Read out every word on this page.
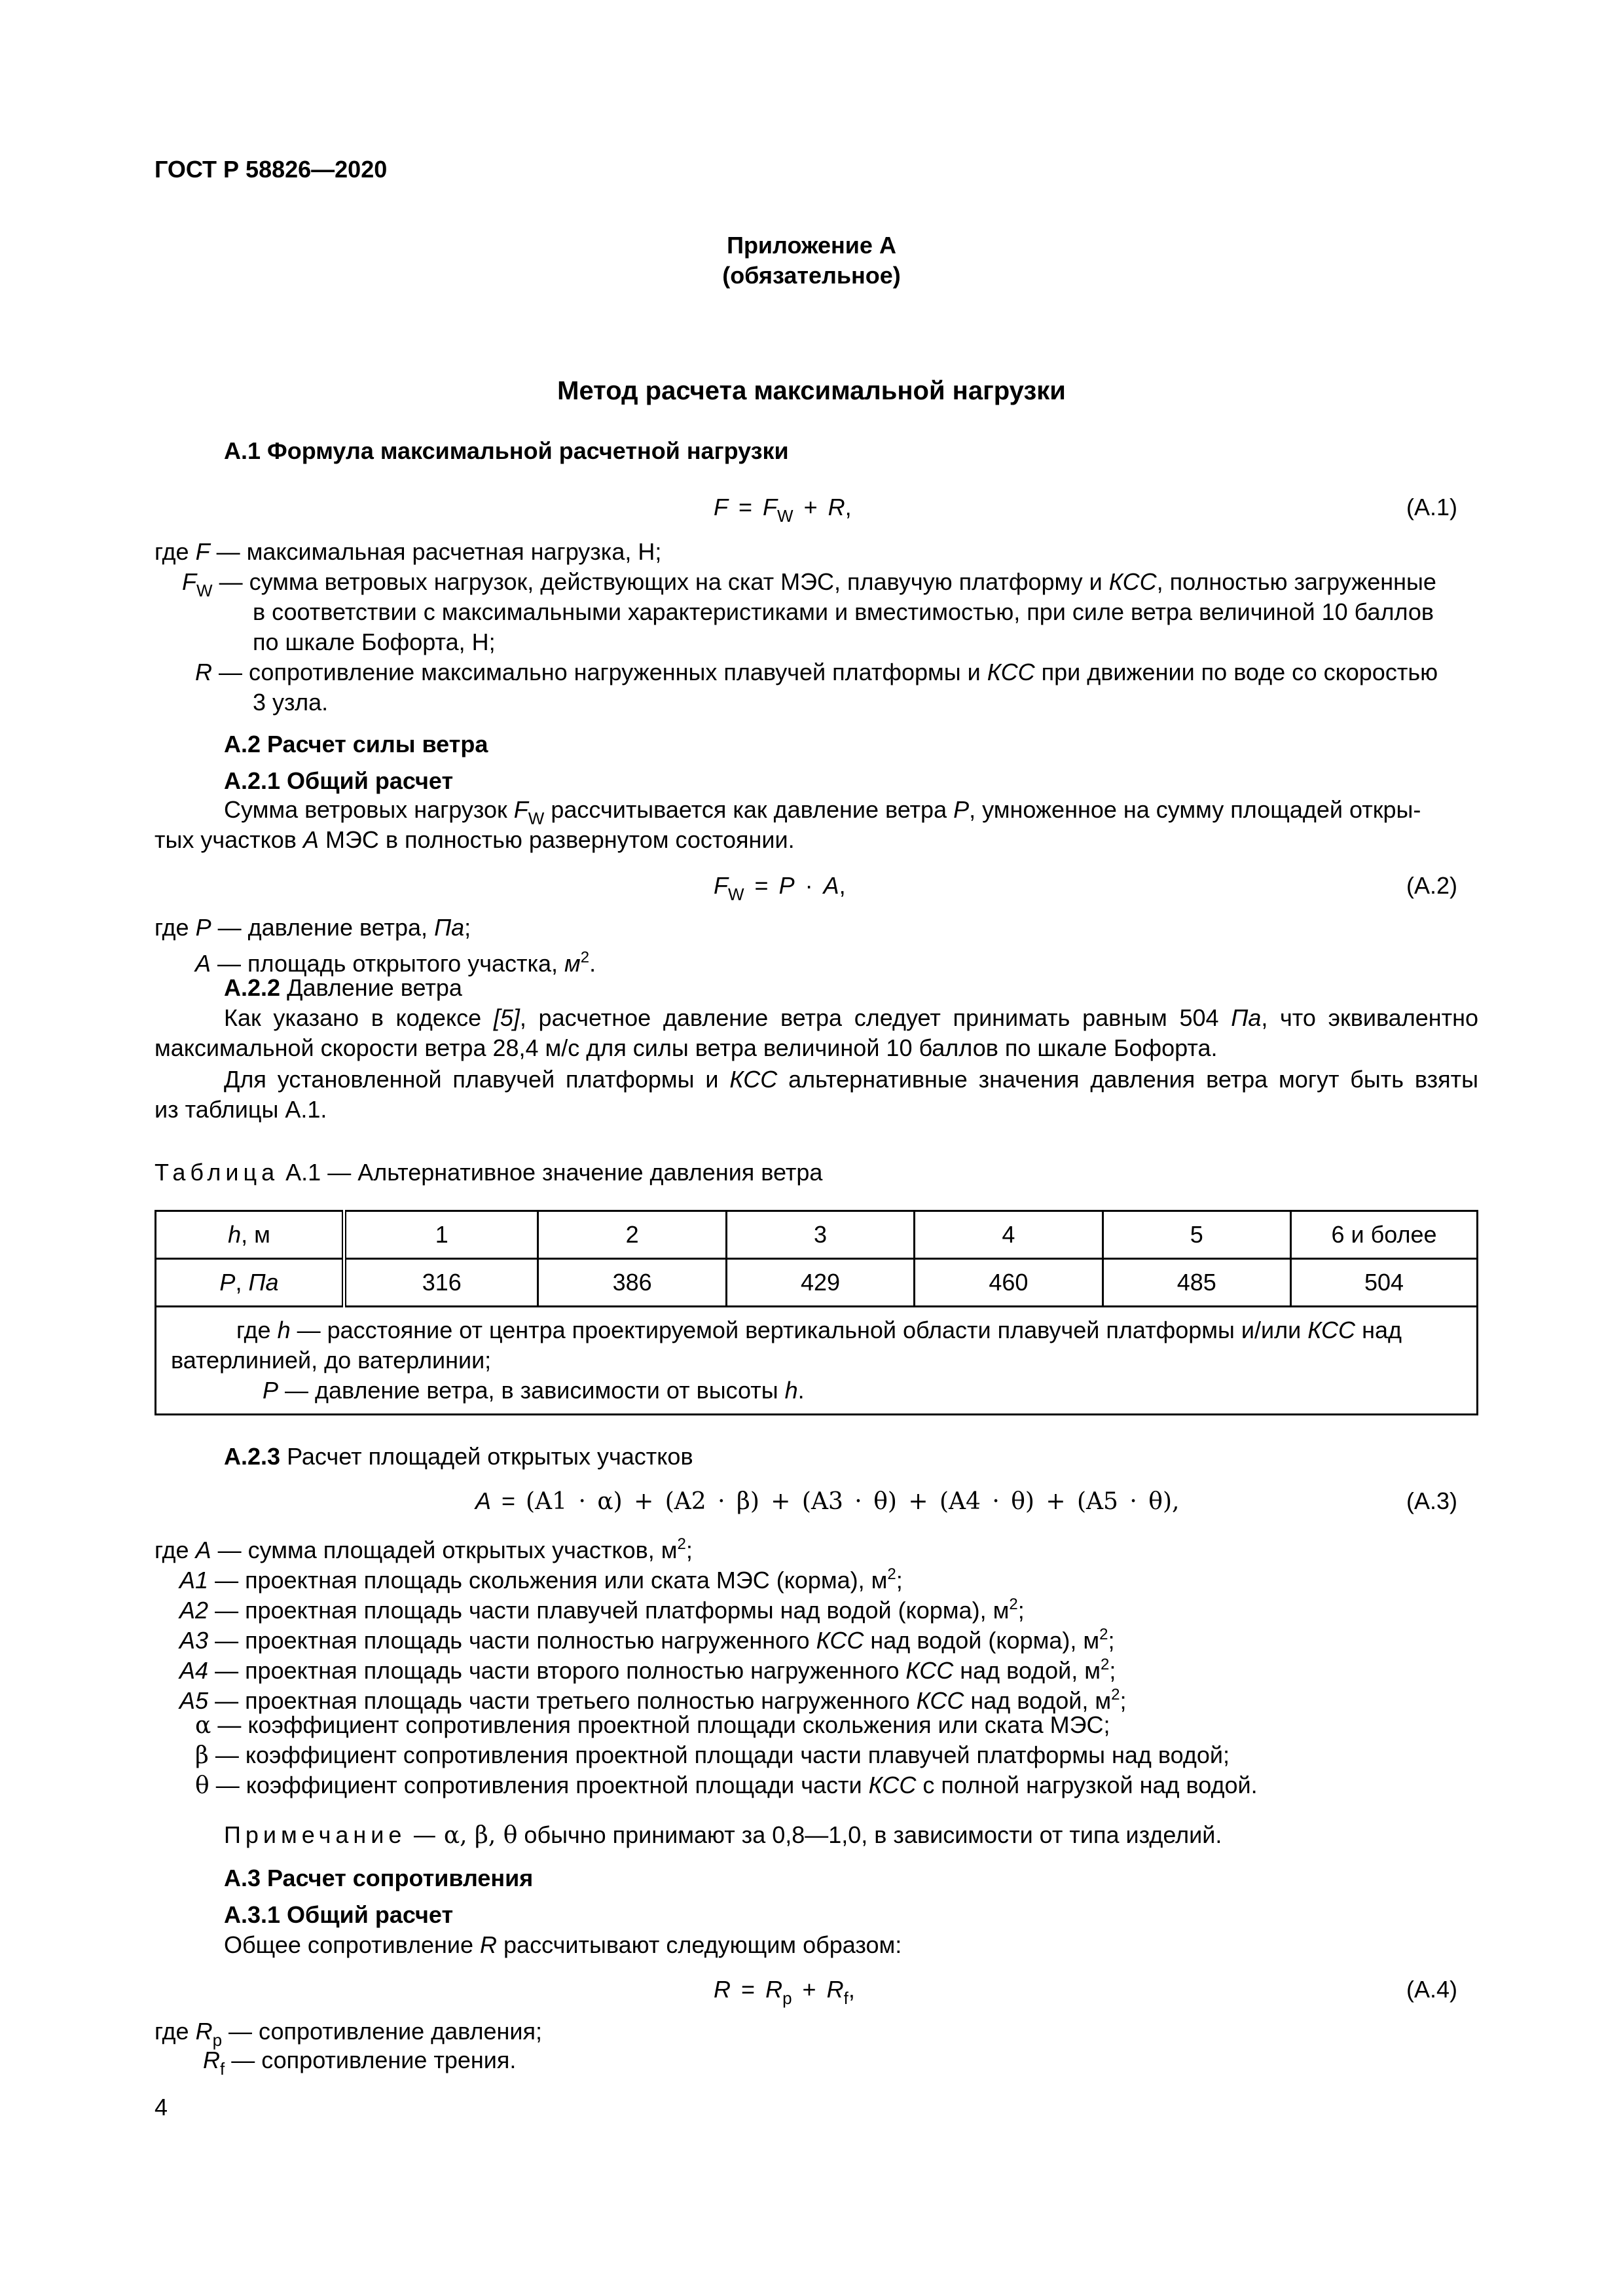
ГОСТ Р 58826—2020
Приложение А
(обязательное)
Метод расчета максимальной нагрузки
А.1 Формула максимальной расчетной нагрузки
$F = F_W + R$,	(А.1)
где F — максимальная расчетная нагрузка, Н;
$F_W$ — сумма ветровых нагрузок, действующих на скат МЭС, плавучую платформу и КСС, полностью загруженные
в соответствии с максимальными характеристиками и вместимостью, при силе ветра величиной 10 баллов
по шкале Бофорта, Н;
R — сопротивление максимально нагруженных плавучей платформы и КСС при движении по воде со скоростью
3 узла.
А.2 Расчет силы ветра
А.2.1 Общий расчет
Сумма ветровых нагрузок $F_W$ рассчитывается как давление ветра P, умноженное на сумму площадей откры-
тых участков A МЭС в полностью развернутом состоянии.
$F_W = P \cdot A$,	(А.2)
где P — давление ветра, Па;
A — площадь открытого участка, $м^2$.
А.2.2 Давление ветра
Как указано в кодексе [5], расчетное давление ветра следует принимать равным 504 Па, что эквивалентно
максимальной скорости ветра 28,4 м/с для силы ветра величиной 10 баллов по шкале Бофорта.
Для установленной плавучей платформы и КСС альтернативные значения давления ветра могут быть взяты
из таблицы А.1.
Таблица А.1 — Альтернативное значение давления ветра
h, м	1	2	3	4	5	6 и более
P, Па	316	386	429	460	485	504

где h — расстояние от центра проектируемой вертикальной области плавучей платформы и/или КСС над
ватерлинией, до ватерлинии;
P — давление ветра, в зависимости от высоты h.						
А.2.3 Расчет площадей открытых участков
A = (A1 · α) + (A2 · β) + (A3 · θ) + (A4 · θ) + (A5 · θ),	(А.3)
где A — сумма площадей открытых участков, $м^2$;
A1 — проектная площадь скольжения или ската МЭС (корма), $м^2$;
A2 — проектная площадь части плавучей платформы над водой (корма), $м^2$;
A3 — проектная площадь части полностью нагруженного КСС над водой (корма), $м^2$;
A4 — проектная площадь части второго полностью нагруженного КСС над водой, $м^2$;
A5 — проектная площадь части третьего полностью нагруженного КСС над водой, $м^2$;
α — коэффициент сопротивления проектной площади скольжения или ската МЭС;
β — коэффициент сопротивления проектной площади части плавучей платформы над водой;
θ — коэффициент сопротивления проектной площади части КСС с полной нагрузкой над водой.
Примечание — α, β, θ обычно принимают за 0,8—1,0, в зависимости от типа изделий.
А.3 Расчет сопротивления
А.3.1 Общий расчет
Общее сопротивление R рассчитывают следующим образом:
$R = R_p + R_f$,	(А.4)
где $R_p$ — сопротивление давления;
$R_f$ — сопротивление трения.
4
